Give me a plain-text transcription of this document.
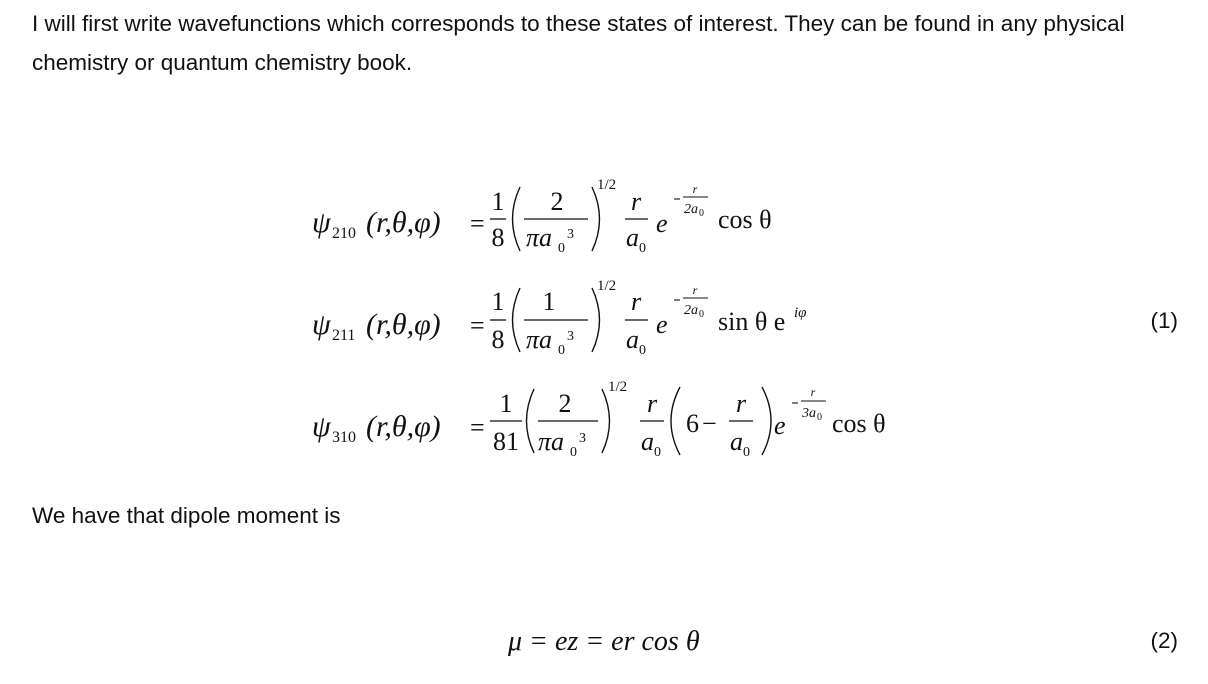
I will first write wavefunctions which corresponds to these states of interest. They can be found in any physical chemistry or quantum chemistry book.

We have that dipole moment is

(1)
(2)
ψ 210 (r,θ,φ) =
1
8
2
πa 0
3
1/2
r
a 0
e
r
2a 0 cos θ
ψ 211 (r,θ,φ) =
1
8
1
πa 0
3
1/2
r
a 0
e
r
2a 0 sin θ e iφ
ψ 310 (r,θ,φ) =
1
81
2
πa 0
3
1/2
r
a 0
6 −
r
a 0
e
r
3a 0 cos θ
μ = ez = er cos θ
